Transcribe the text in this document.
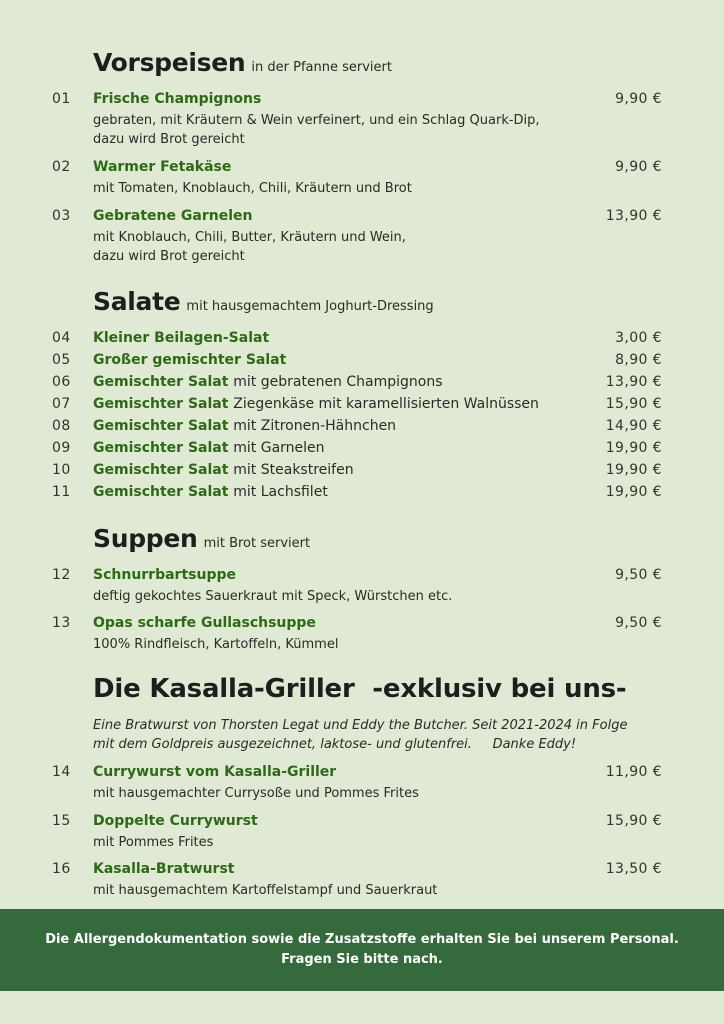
Vorspeisen in der Pfanne serviert
01 Frische Champignons	9,90 €
gebraten, mit Kräutern & Wein verfeinert, und ein Schlag Quark-Dip,
dazu wird Brot gereicht
02 Warmer Fetakäse	9,90 €
mit Tomaten, Knoblauch, Chili, Kräutern und Brot
03 Gebratene Garnelen	13,90 €
mit Knoblauch, Chili, Butter, Kräutern und Wein,
dazu wird Brot gereicht
Salate mit hausgemachtem Joghurt-Dressing
04 Kleiner Beilagen-Salat	3,00 €
05 Großer gemischter Salat	8,90 €
06 Gemischter Salat mit gebratenen Champignons	13,90 €
07 Gemischter Salat Ziegenkäse mit karamellisierten Walnüssen	15,90 €
08 Gemischter Salat mit Zitronen-Hähnchen	14,90 €
09 Gemischter Salat mit Garnelen	19,90 €
10 Gemischter Salat mit Steakstreifen	19,90 €
11 Gemischter Salat mit Lachsfilet	19,90 €
Suppen mit Brot serviert
12 Schnurrbartsuppe	9,50 €
deftig gekochtes Sauerkraut mit Speck, Würstchen etc.
13 Opas scharfe Gullaschsuppe	9,50 €
100% Rindfleisch, Kartoffeln, Kümmel
Die Kasalla-Griller  -exklusiv bei uns-
Eine Bratwurst von Thorsten Legat und Eddy the Butcher. Seit 2021-2024 in Folge
mit dem Goldpreis ausgezeichnet, laktose- und glutenfrei.     Danke Eddy!
14 Currywurst vom Kasalla-Griller	11,90 €
mit hausgemachter Currysoße und Pommes Frites
15 Doppelte Currywurst	15,90 €
mit Pommes Frites
16 Kasalla-Bratwurst	13,50 €
mit hausgemachtem Kartoffelstampf und Sauerkraut
Die Allergendokumentation sowie die Zusatzstoffe erhalten Sie bei unserem Personal.
Fragen Sie bitte nach.
